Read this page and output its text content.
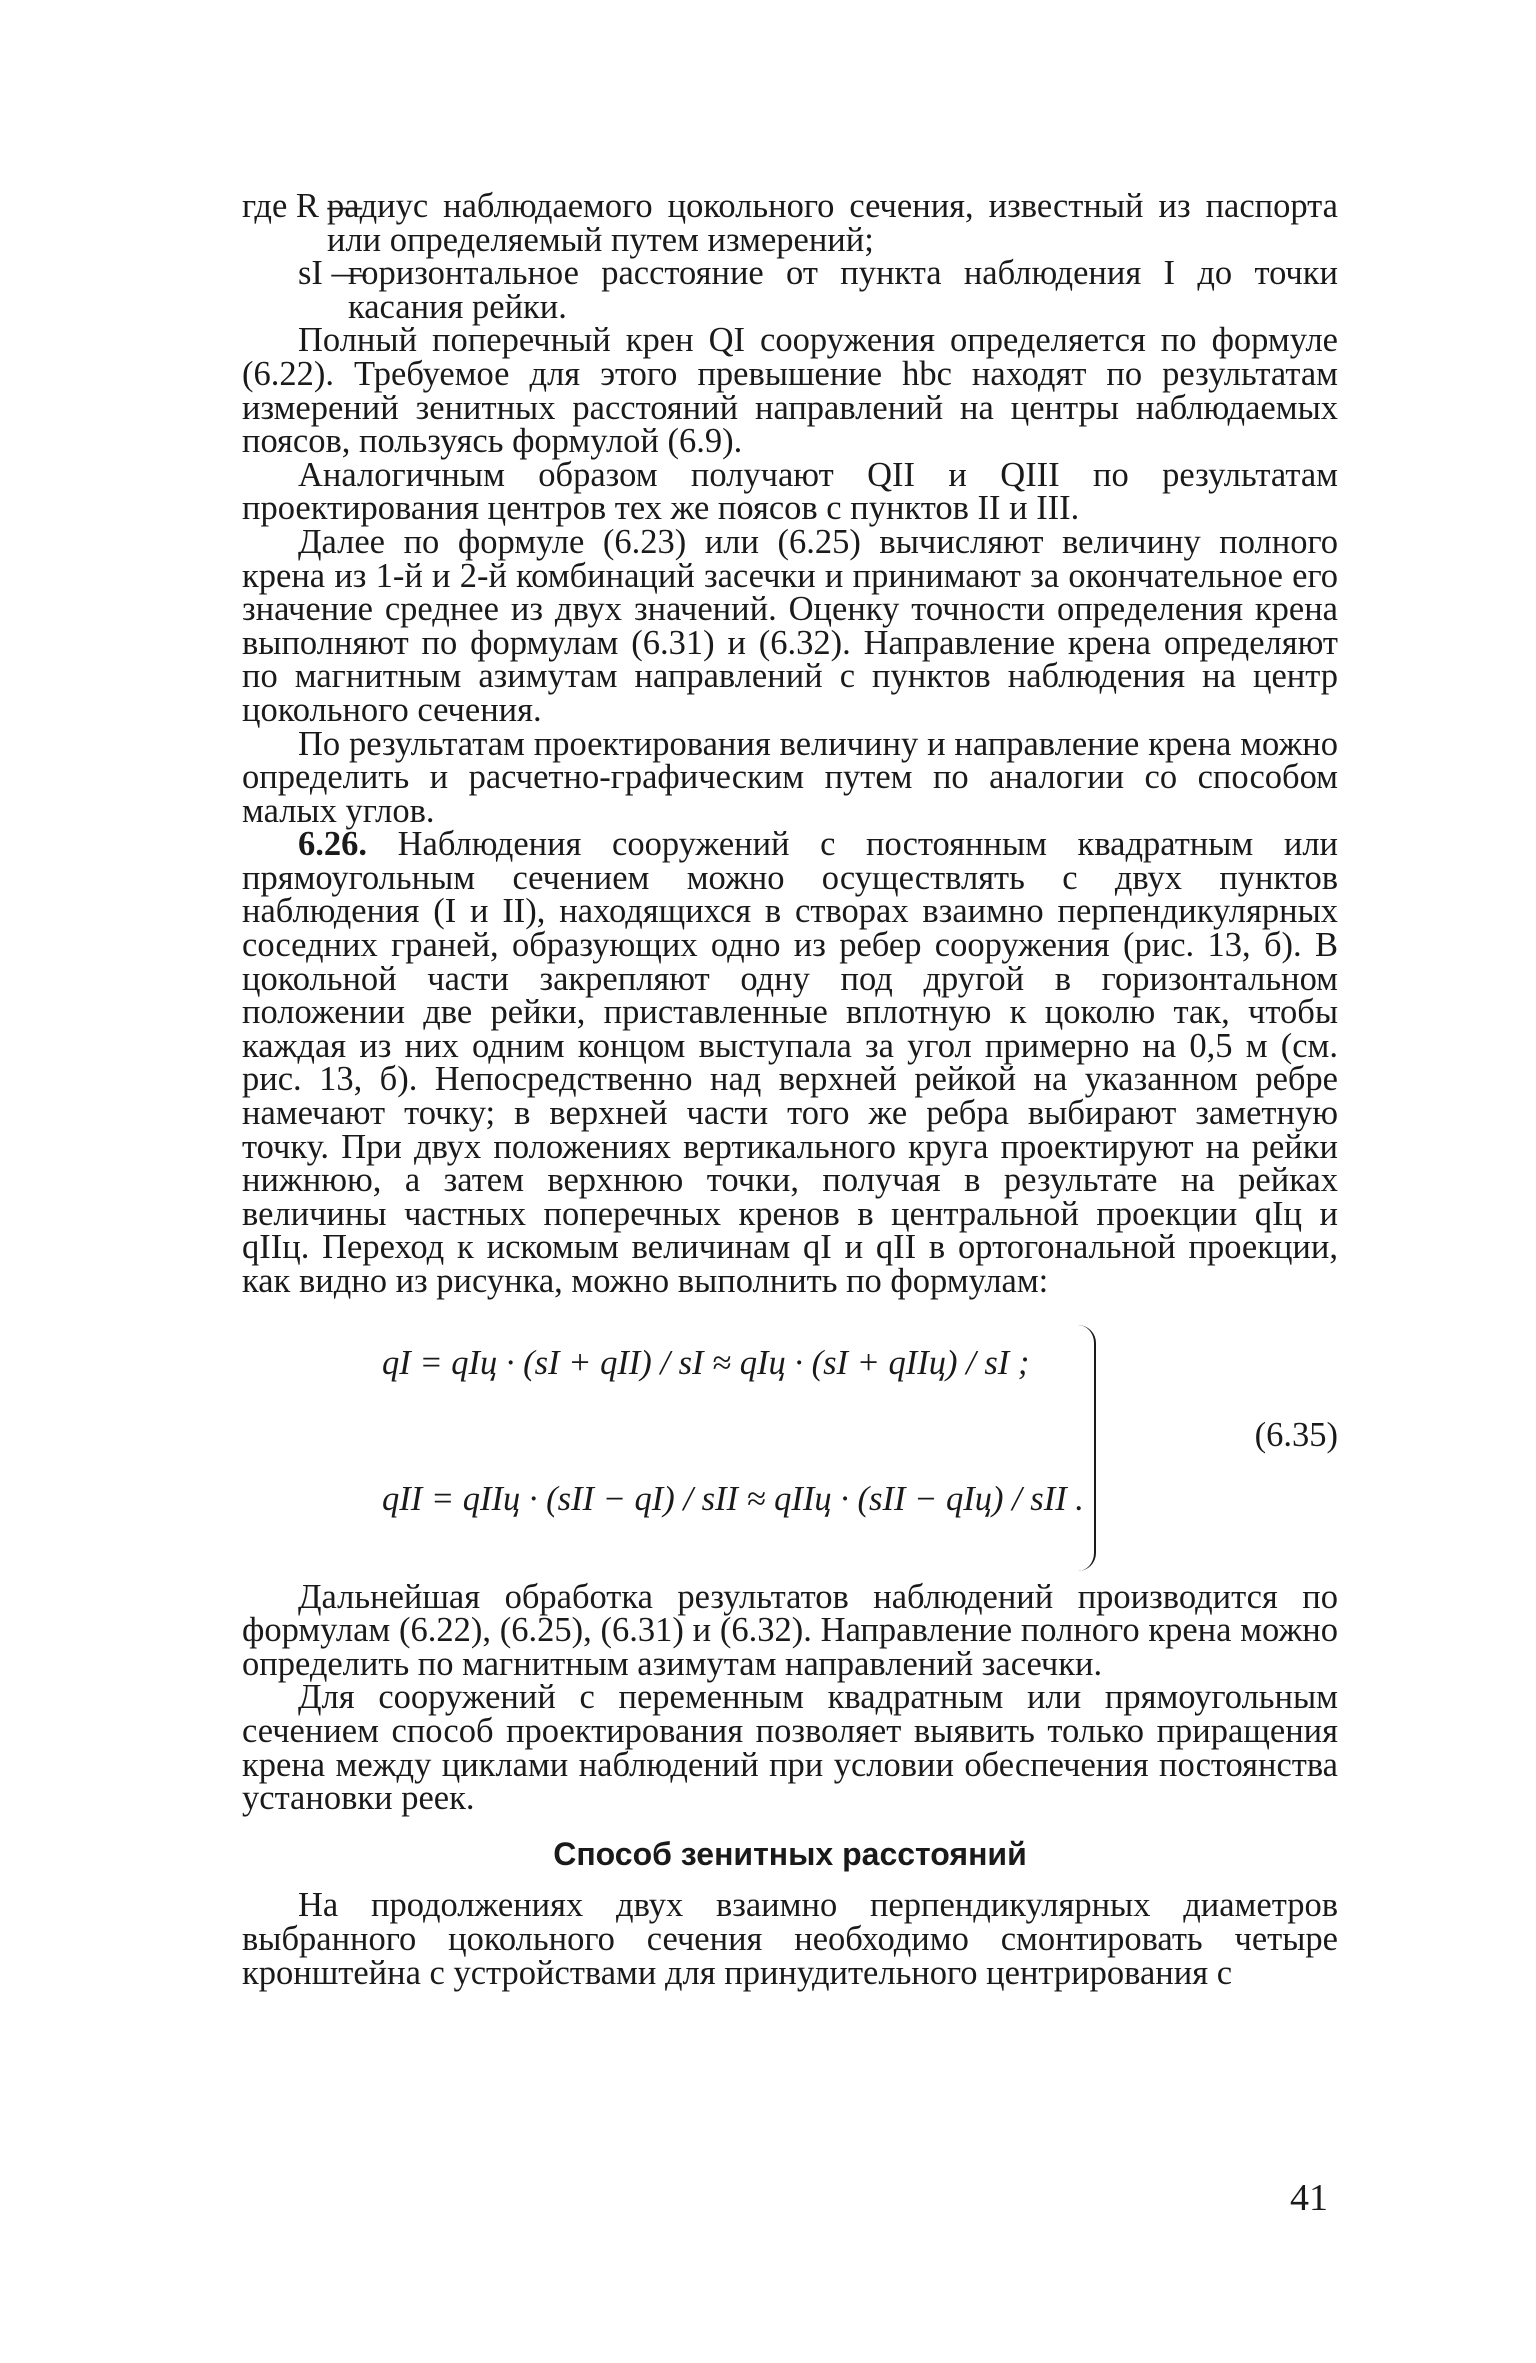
где R —
радиус наблюдаемого цокольного сечения, известный из паспорта или определяемый путем измерений;
sI —
горизонтальное расстояние от пункта наблюдения I до точки касания рейки.

Полный поперечный крен QI сооружения определяется по формуле (6.22). Требуемое для этого превышение hbc находят по результатам измерений зенитных расстояний направлений на центры наблюдаемых поясов, пользуясь формулой (6.9).

Аналогичным образом получают QII и QIII по результатам проектирования центров тех же поясов с пунктов II и III.

Далее по формуле (6.23) или (6.25) вычисляют величину полного крена из 1-й и 2-й комбинаций засечки и принимают за окончательное его значение среднее из двух значений. Оценку точности определения крена выполняют по формулам (6.31) и (6.32). Направление крена определяют по магнитным азимутам направлений с пунктов наблюдения на центр цокольного сечения.

По результатам проектирования величину и направление крена можно определить и расчетно-графическим путем по аналогии со способом малых углов.

6.26. Наблюдения сооружений с постоянным квадратным или прямоугольным сечением можно осуществлять с двух пунктов наблюдения (I и II), находящихся в створах взаимно перпендикулярных соседних граней, образующих одно из ребер сооружения (рис. 13, б). В цокольной части закрепляют одну под другой в горизонтальном положении две рейки, приставленные вплотную к цоколю так, чтобы каждая из них одним концом выступала за угол примерно на 0,5 м (см. рис. 13, б). Непосредственно над верхней рейкой на указанном ребре намечают точку; в верхней части того же ребра выбирают заметную точку. При двух положениях вертикального круга проектируют на рейки нижнюю, а затем верхнюю точки, получая в результате на рейках величины частных поперечных кренов в центральной проекции qIц и qIIц. Переход к искомым величинам qI и qII в ортогональной проекции, как видно из рисунка, можно выполнить по формулам:

qI = qIц · (sI + qII) / sI ≈ qIц · (sI + qIIц) / sI ;
qII = qIIц · (sII − qI) / sII ≈ qIIц · (sII − qIц) / sII .
(6.35)

Дальнейшая обработка результатов наблюдений производится по формулам (6.22), (6.25), (6.31) и (6.32). Направление полного крена можно определить по магнитным азимутам направлений засечки.

Для сооружений с переменным квадратным или прямоугольным сечением способ проектирования позволяет выявить только приращения крена между циклами наблюдений при условии обеспечения постоянства установки реек.

Способ зенитных расстояний

На продолжениях двух взаимно перпендикулярных диаметров выбранного цокольного сечения необходимо смонтировать четыре кронштейна с устройствами для принудительного центрирования с

41
